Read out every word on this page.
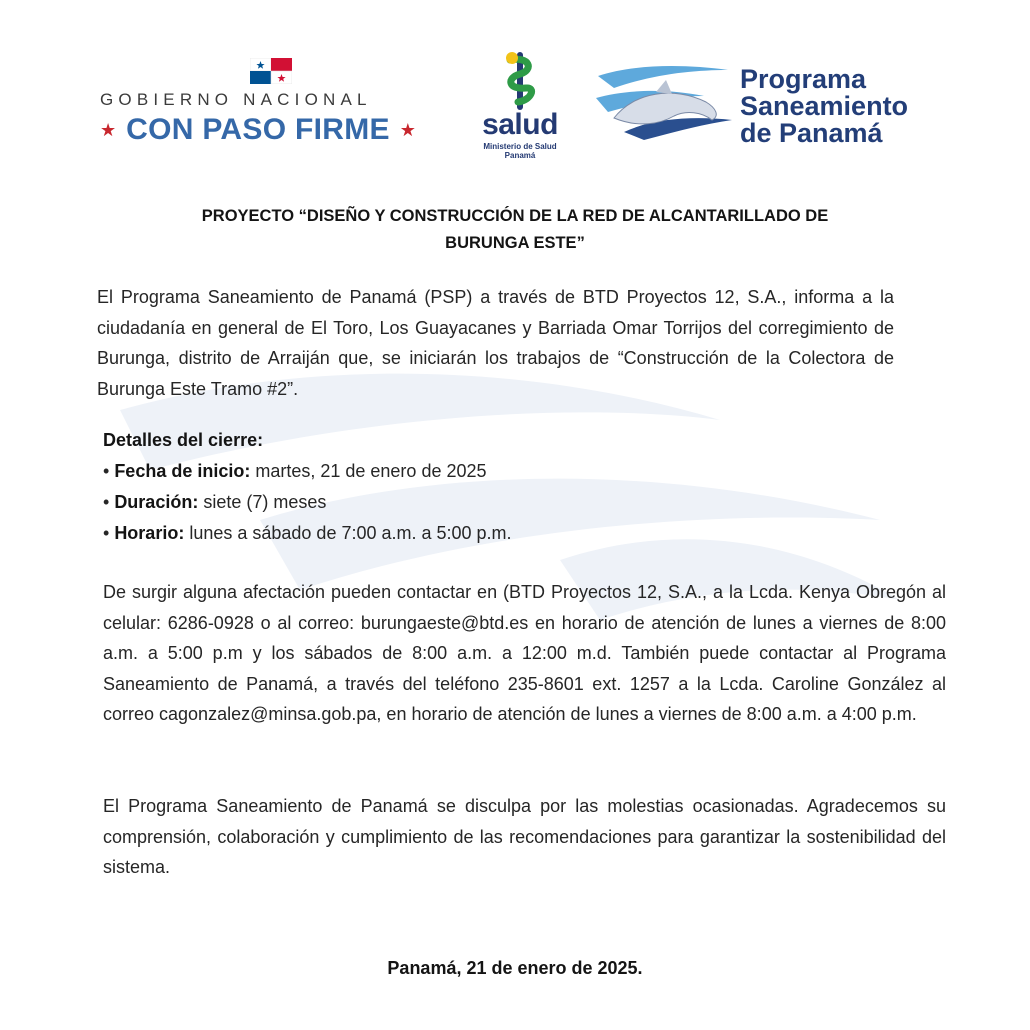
GOBIERNO NACIONAL
★ CON PASO FIRME ★	salud
Ministerio de Salud
Panamá
Programa
Saneamiento
de Panamá
PROYECTO “DISEÑO Y CONSTRUCCIÓN DE LA RED DE ALCANTARILLADO DE
BURUNGA ESTE”
El Programa Saneamiento de Panamá (PSP) a través de BTD Proyectos 12, S.A., informa a la ciudadanía en general de El Toro, Los Guayacanes y Barriada Omar Torrijos del corregimiento de Burunga, distrito de Arraiján que, se iniciarán los trabajos de “Construcción de la Colectora de Burunga Este Tramo #2”.
Detalles del cierre:
• Fecha de inicio: martes, 21 de enero de 2025
• Duración: siete (7) meses
• Horario: lunes a sábado de 7:00 a.m. a 5:00 p.m.
De surgir alguna afectación pueden contactar en (BTD Proyectos 12, S.A., a la Lcda. Kenya Obregón al celular: 6286-0928 o al correo: burungaeste@btd.es en horario de atención de lunes a viernes de 8:00 a.m. a 5:00 p.m y los sábados de 8:00 a.m. a 12:00 m.d. También puede contactar al Programa Saneamiento de Panamá, a través del teléfono 235-8601 ext. 1257 a la Lcda. Caroline González al correo cagonzalez@minsa.gob.pa, en horario de atención de lunes a viernes de 8:00 a.m. a 4:00 p.m.
El Programa Saneamiento de Panamá se disculpa por las molestias ocasionadas. Agradecemos su comprensión, colaboración y cumplimiento de las recomendaciones para garantizar la sostenibilidad del sistema.
Panamá, 21 de enero de 2025.
